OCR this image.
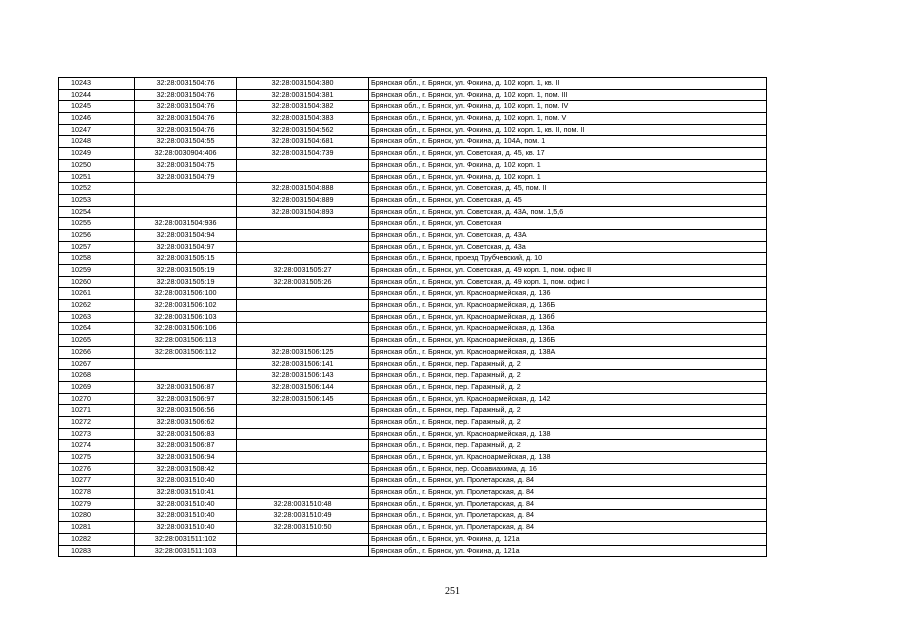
10243	32:28:0031504:76	32:28:0031504:380	Брянская обл., г. Брянск, ул. Фокина, д. 102 корп. 1, кв. II
10244	32:28:0031504:76	32:28:0031504:381	Брянская обл., г. Брянск, ул. Фокина, д. 102 корп. 1, пом. III
10245	32:28:0031504:76	32:28:0031504:382	Брянская обл., г. Брянск, ул. Фокина, д. 102 корп. 1, пом. IV
10246	32:28:0031504:76	32:28:0031504:383	Брянская обл., г. Брянск, ул. Фокина, д. 102 корп. 1, пом. V
10247	32:28:0031504:76	32:28:0031504:562	Брянская обл., г. Брянск, ул. Фокина, д. 102 корп. 1, кв. II, пом. II
10248	32:28:0031504:55	32:28:0031504:681	Брянская обл., г. Брянск, ул. Фокина, д. 104А, пом. 1
10249	32:28:0030904:406	32:28:0031504:739	Брянская обл., г. Брянск, ул. Советская, д. 45, кв. 17
10250	32:28:0031504:75		Брянская обл., г. Брянск, ул. Фокина, д. 102 корп. 1
10251	32:28:0031504:79		Брянская обл., г. Брянск, ул. Фокина, д. 102 корп. 1
10252		32:28:0031504:888	Брянская обл., г. Брянск, ул. Советская, д. 45, пом. II
10253		32:28:0031504:889	Брянская обл., г. Брянск, ул. Советская, д. 45
10254		32:28:0031504:893	Брянская обл., г. Брянск, ул. Советская, д. 43А, пом. 1,5,6
10255	32:28:0031504:936		Брянская обл., г. Брянск, ул. Советская
10256	32:28:0031504:94		Брянская обл., г. Брянск, ул. Советская, д. 43А
10257	32:28:0031504:97		Брянская обл., г. Брянск, ул. Советская, д. 43а
10258	32:28:0031505:15		Брянская обл., г. Брянск, проезд Трубчевский, д. 10
10259	32:28:0031505:19	32:28:0031505:27	Брянская обл., г. Брянск, ул. Советская, д. 49 корп. 1, пом. офис II
10260	32:28:0031505:19	32:28:0031505:26	Брянская обл., г. Брянск, ул. Советская, д. 49 корп. 1, пом. офис I
10261	32:28:0031506:100		Брянская обл., г. Брянск, ул. Красноармейская, д. 136
10262	32:28:0031506:102		Брянская обл., г. Брянск, ул. Красноармейская, д. 136Б
10263	32:28:0031506:103		Брянская обл., г. Брянск, ул. Красноармейская, д. 136б
10264	32:28:0031506:106		Брянская обл., г. Брянск, ул. Красноармейская, д. 136а
10265	32:28:0031506:113		Брянская обл., г. Брянск, ул. Красноармейская, д. 136Б
10266	32:28:0031506:112	32:28:0031506:125	Брянская обл., г. Брянск, ул. Красноармейская, д. 138А
10267		32:28:0031506:141	Брянская обл., г. Брянск, пер. Гаражный, д. 2
10268		32:28:0031506:143	Брянская обл., г. Брянск, пер. Гаражный, д. 2
10269	32:28:0031506:87	32:28:0031506:144	Брянская обл., г. Брянск, пер. Гаражный, д. 2
10270	32:28:0031506:97	32:28:0031506:145	Брянская обл., г. Брянск, ул. Красноармейская, д. 142
10271	32:28:0031506:56		Брянская обл., г. Брянск, пер. Гаражный, д. 2
10272	32:28:0031506:62		Брянская обл., г. Брянск, пер. Гаражный, д. 2
10273	32:28:0031506:83		Брянская обл., г. Брянск, ул. Красноармейская, д. 138
10274	32:28:0031506:87		Брянская обл., г. Брянск, пер. Гаражный, д. 2
10275	32:28:0031506:94		Брянская обл., г. Брянск, ул. Красноармейская, д. 138
10276	32:28:0031508:42		Брянская обл., г. Брянск, пер. Осоавиахима, д. 16
10277	32:28:0031510:40		Брянская обл., г. Брянск, ул. Пролетарская, д. 84
10278	32:28:0031510:41		Брянская обл., г. Брянск, ул. Пролетарская, д. 84
10279	32:28:0031510:40	32:28:0031510:48	Брянская обл., г. Брянск, ул. Пролетарская, д. 84
10280	32:28:0031510:40	32:28:0031510:49	Брянская обл., г. Брянск, ул. Пролетарская, д. 84
10281	32:28:0031510:40	32:28:0031510:50	Брянская обл., г. Брянск, ул. Пролетарская, д. 84
10282	32:28:0031511:102		Брянская обл., г. Брянск, ул. Фокина, д. 121а
10283	32:28:0031511:103		Брянская обл., г. Брянск, ул. Фокина, д. 121а
251
